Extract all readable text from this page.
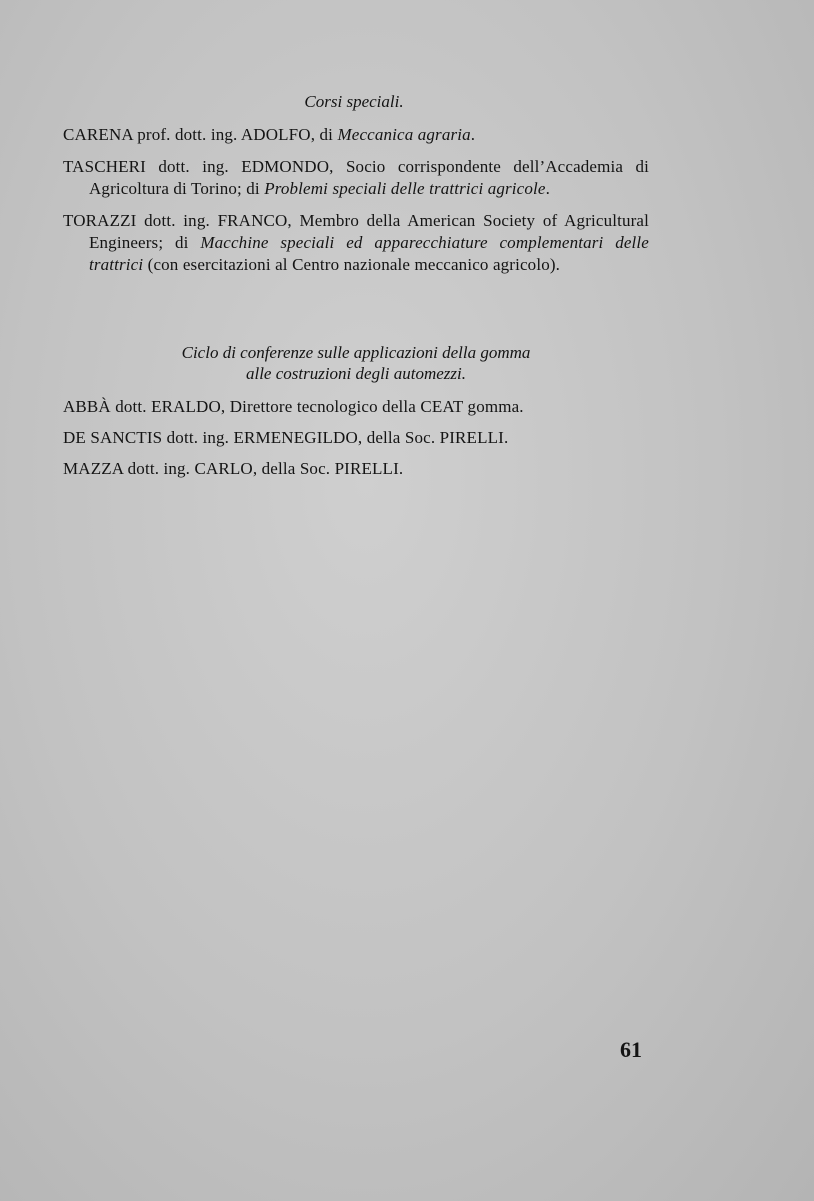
Corsi speciali.

CARENA prof. dott. ing. ADOLFO, di Meccanica agraria.

TASCHERI dott. ing. EDMONDO, Socio corrispondente dell’Accademia di Agricoltura di Torino; di Problemi speciali delle trattrici agricole.

TORAZZI dott. ing. FRANCO, Membro della American Society of Agricultural Engineers; di Macchine speciali ed apparecchiature complementari delle trattrici (con esercitazioni al Centro nazionale meccanico agricolo).

Ciclo di conferenze sulle applicazioni della gomma
alle costruzioni degli automezzi.

ABBÀ dott. ERALDO, Direttore tecnologico della CEAT gomma.

DE SANCTIS dott. ing. ERMENEGILDO, della Soc. PIRELLI.

MAZZA dott. ing. CARLO, della Soc. PIRELLI.

61
